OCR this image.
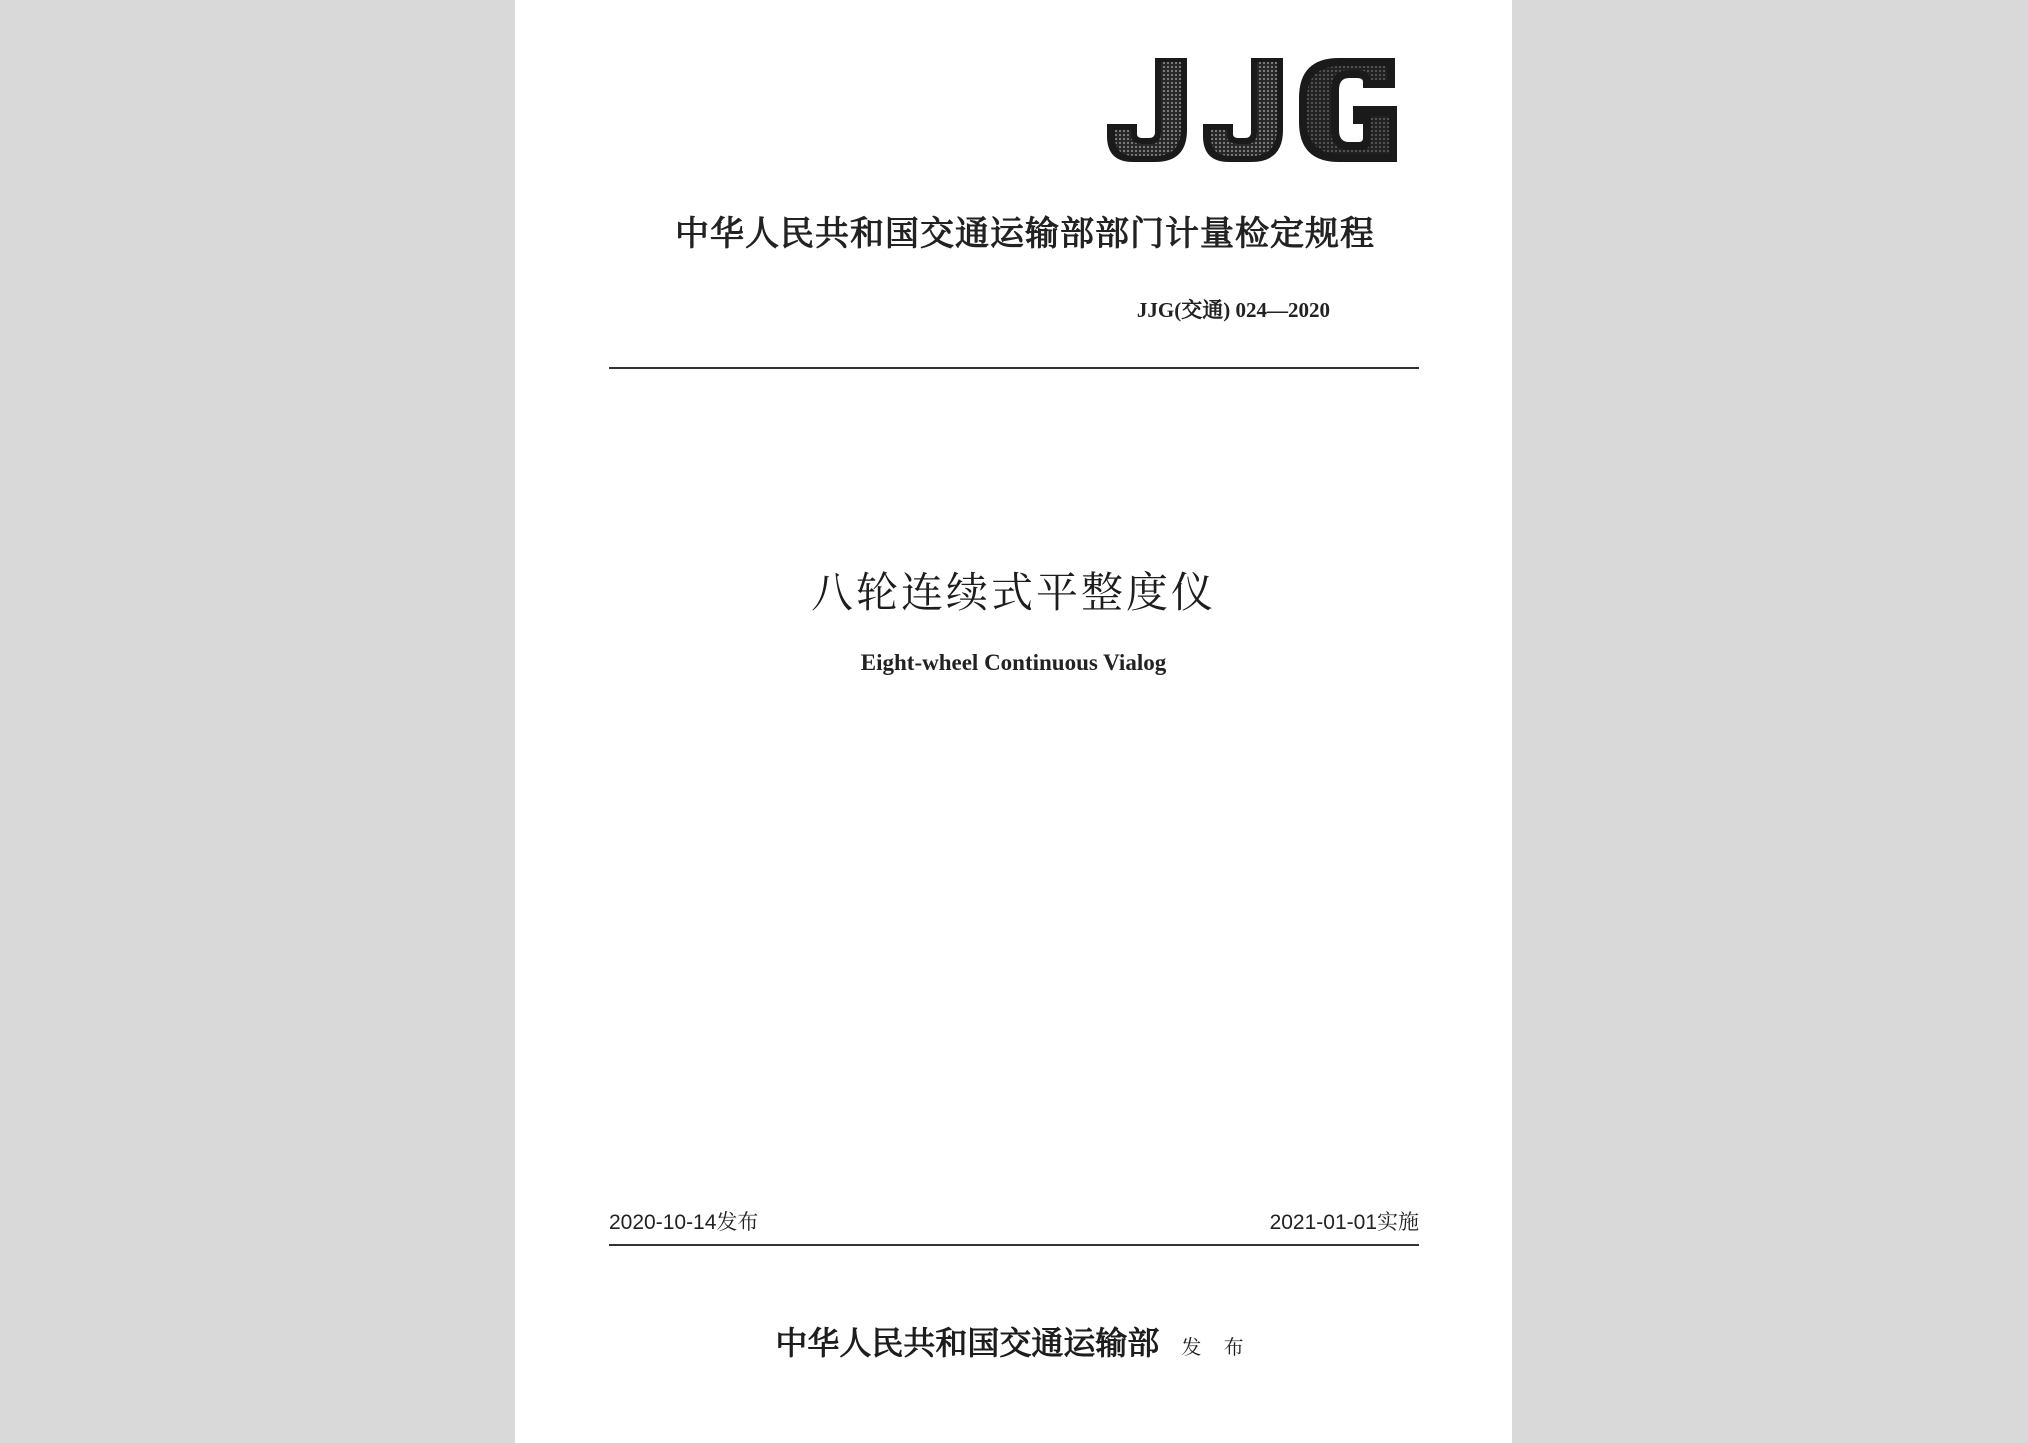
中华人民共和国交通运输部部门计量检定规程
JJG(交通) 024—2020
八轮连续式平整度仪
Eight-wheel Continuous Vialog
2020-10-14发布	2021-01-01实施
中华人民共和国交通运输部 发 布
